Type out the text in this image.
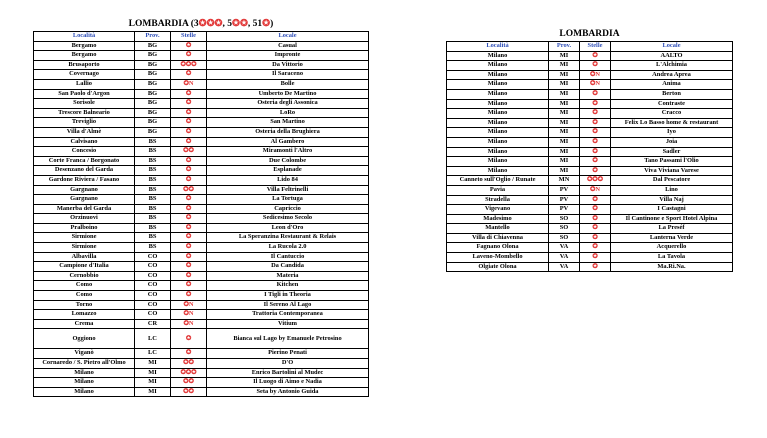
LOMBARDIA (3✪✪✪, 5✪✪, 51✪)
Località	Prov.	Stelle	Locale
Bergamo	BG	✪	Casual
Bergamo	BG	✪	Impronte
Brusaporto	BG	✪✪✪	Da Vittorio
Covernago	BG	✪	Il Saraceno
Lallio	BG	✪N	Bolle
San Paolo d'Argon	BG	✪	Umberto De Martino
Sorisole	BG	✪	Osteria degli Assonica
Trescore Balneario	BG	✪	LoRo
Treviglio	BG	✪	San Martino
Villa d'Almè	BG	✪	Osteria della Brughiera
Calvisano	BS	✪	Al Gambero
Concesio	BS	✪✪	Miramonti l'Altro
Corte Franca / Borgonato	BS	✪	Due Colombe
Desenzano del Garda	BS	✪	Esplanade
Gardone Riviera / Fasano	BS	✪	Lido 84
Gargnano	BS	✪✪	Villa Feltrinelli
Gargnano	BS	✪	La Tortuga
Manerba del Garda	BS	✪	Capriccio
Orzinuovi	BS	✪	Sedicesimo Secolo
Pralboino	BS	✪	Leon d'Oro
Sirmione	BS	✪	La Speranzina Restaurant & Relais
Sirmione	BS	✪	La Rucola 2.0
Albavilla	CO	✪	Il Cantuccio
Campione d'Italia	CO	✪	Da Candida
Cernobbio	CO	✪	Materia
Como	CO	✪	Kitchen
Como	CO	✪	I Tigli in Theoria
Torno	CO	✪N	Il Sereno Al Lago
Lomazzo	CO	✪N	Trattoria Contemporanea
Crema	CR	✪N	Vitium
Oggiono	LC	✪	Bianca sul Lago by Emanuele Petrosino
Viganò	LC	✪	Pierino Penati
Cornaredo / S. Pietro all'Olmo	MI	✪✪	D'O
Milano	MI	✪✪✪	Enrico Bartolini al Mudec
Milano	MI	✪✪	Il Luogo di Aimo e Nadia
Milano	MI	✪✪	Seta by Antonio Guida
LOMBARDIA
Località	Prov.	Stelle	Locale
Milano	MI	✪	AALTO
Milano	MI	✪	L'Alchimia
Milano	MI	✪N	Andrea Aprea
Milano	MI	✪N	Anima
Milano	MI	✪	Berton
Milano	MI	✪	Contraste
Milano	MI	✪	Cracco
Milano	MI	✪	Felix Lo Basso home & restaurant
Milano	MI	✪	Iyo
Milano	MI	✪	Joia
Milano	MI	✪	Sadler
Milano	MI	✪	Tano Passami l'Olio
Milano	MI	✪	Viva Viviana Varese
Canneto sull'Oglio / Runate	MN	✪✪✪	Dal Pescatore
Pavia	PV	✪N	Lino
Stradella	PV	✪	Villa Naj
Vigevano	PV	✪	I Castagni
Madesimo	SO	✪	Il Cantinone e Sport Hotel Alpina
Mantello	SO	✪	La Preséf
Villa di Chiavenna	SO	✪	Lanterna Verde
Fagnano Olona	VA	✪	Acquerello
Laveno-Mombello	VA	✪	La Tavola
Olgiate Olona	VA	✪	Ma.Ri.Na.
